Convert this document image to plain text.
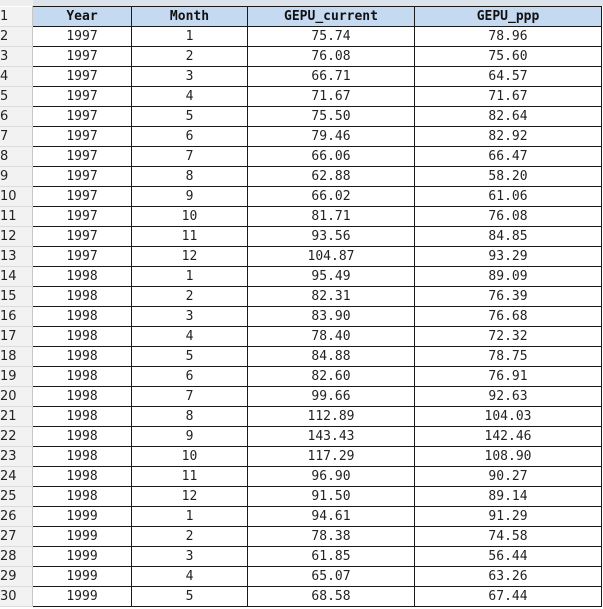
1	Year	Month	GEPU_current	GEPU_ppp
2	1997	1	75.74	78.96
3	1997	2	76.08	75.60
4	1997	3	66.71	64.57
5	1997	4	71.67	71.67
6	1997	5	75.50	82.64
7	1997	6	79.46	82.92
8	1997	7	66.06	66.47
9	1997	8	62.88	58.20
10	1997	9	66.02	61.06
11	1997	10	81.71	76.08
12	1997	11	93.56	84.85
13	1997	12	104.87	93.29
14	1998	1	95.49	89.09
15	1998	2	82.31	76.39
16	1998	3	83.90	76.68
17	1998	4	78.40	72.32
18	1998	5	84.88	78.75
19	1998	6	82.60	76.91
20	1998	7	99.66	92.63
21	1998	8	112.89	104.03
22	1998	9	143.43	142.46
23	1998	10	117.29	108.90
24	1998	11	96.90	90.27
25	1998	12	91.50	89.14
26	1999	1	94.61	91.29
27	1999	2	78.38	74.58
28	1999	3	61.85	56.44
29	1999	4	65.07	63.26
30	1999	5	68.58	67.44
